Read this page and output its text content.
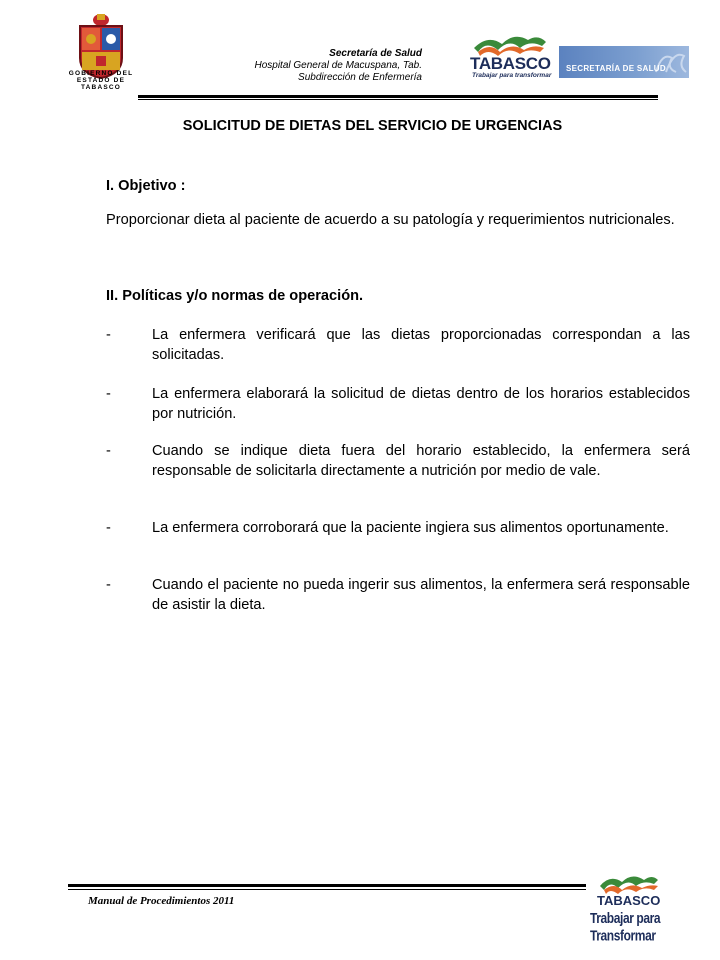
GOBIERNO DEL
ESTADO DE
TABASCO
Secretaría de Salud
Hospital General de Macuspana, Tab.
Subdirección de Enfermería
TABASCO
Trabajar para transformar
SECRETARÍA DE SALUD
SOLICITUD DE DIETAS DEL SERVICIO DE URGENCIAS
I. Objetivo :
Proporcionar dieta al paciente de acuerdo a su patología y requerimientos nutricionales.
II. Políticas y/o normas de operación.
-	La enfermera verificará que las dietas proporcionadas correspondan a las solicitadas.
-	La enfermera elaborará la solicitud de dietas dentro de los horarios establecidos por nutrición.
-	Cuando se indique dieta fuera del horario establecido, la enfermera será responsable de solicitarla directamente a nutrición por medio de vale.
-	La enfermera corroborará que la paciente ingiera sus alimentos oportunamente.
-	Cuando el paciente no pueda ingerir sus alimentos, la enfermera será responsable de asistir la dieta.
Manual de Procedimientos 2011	TABASCO
Trabajar para Transformar
